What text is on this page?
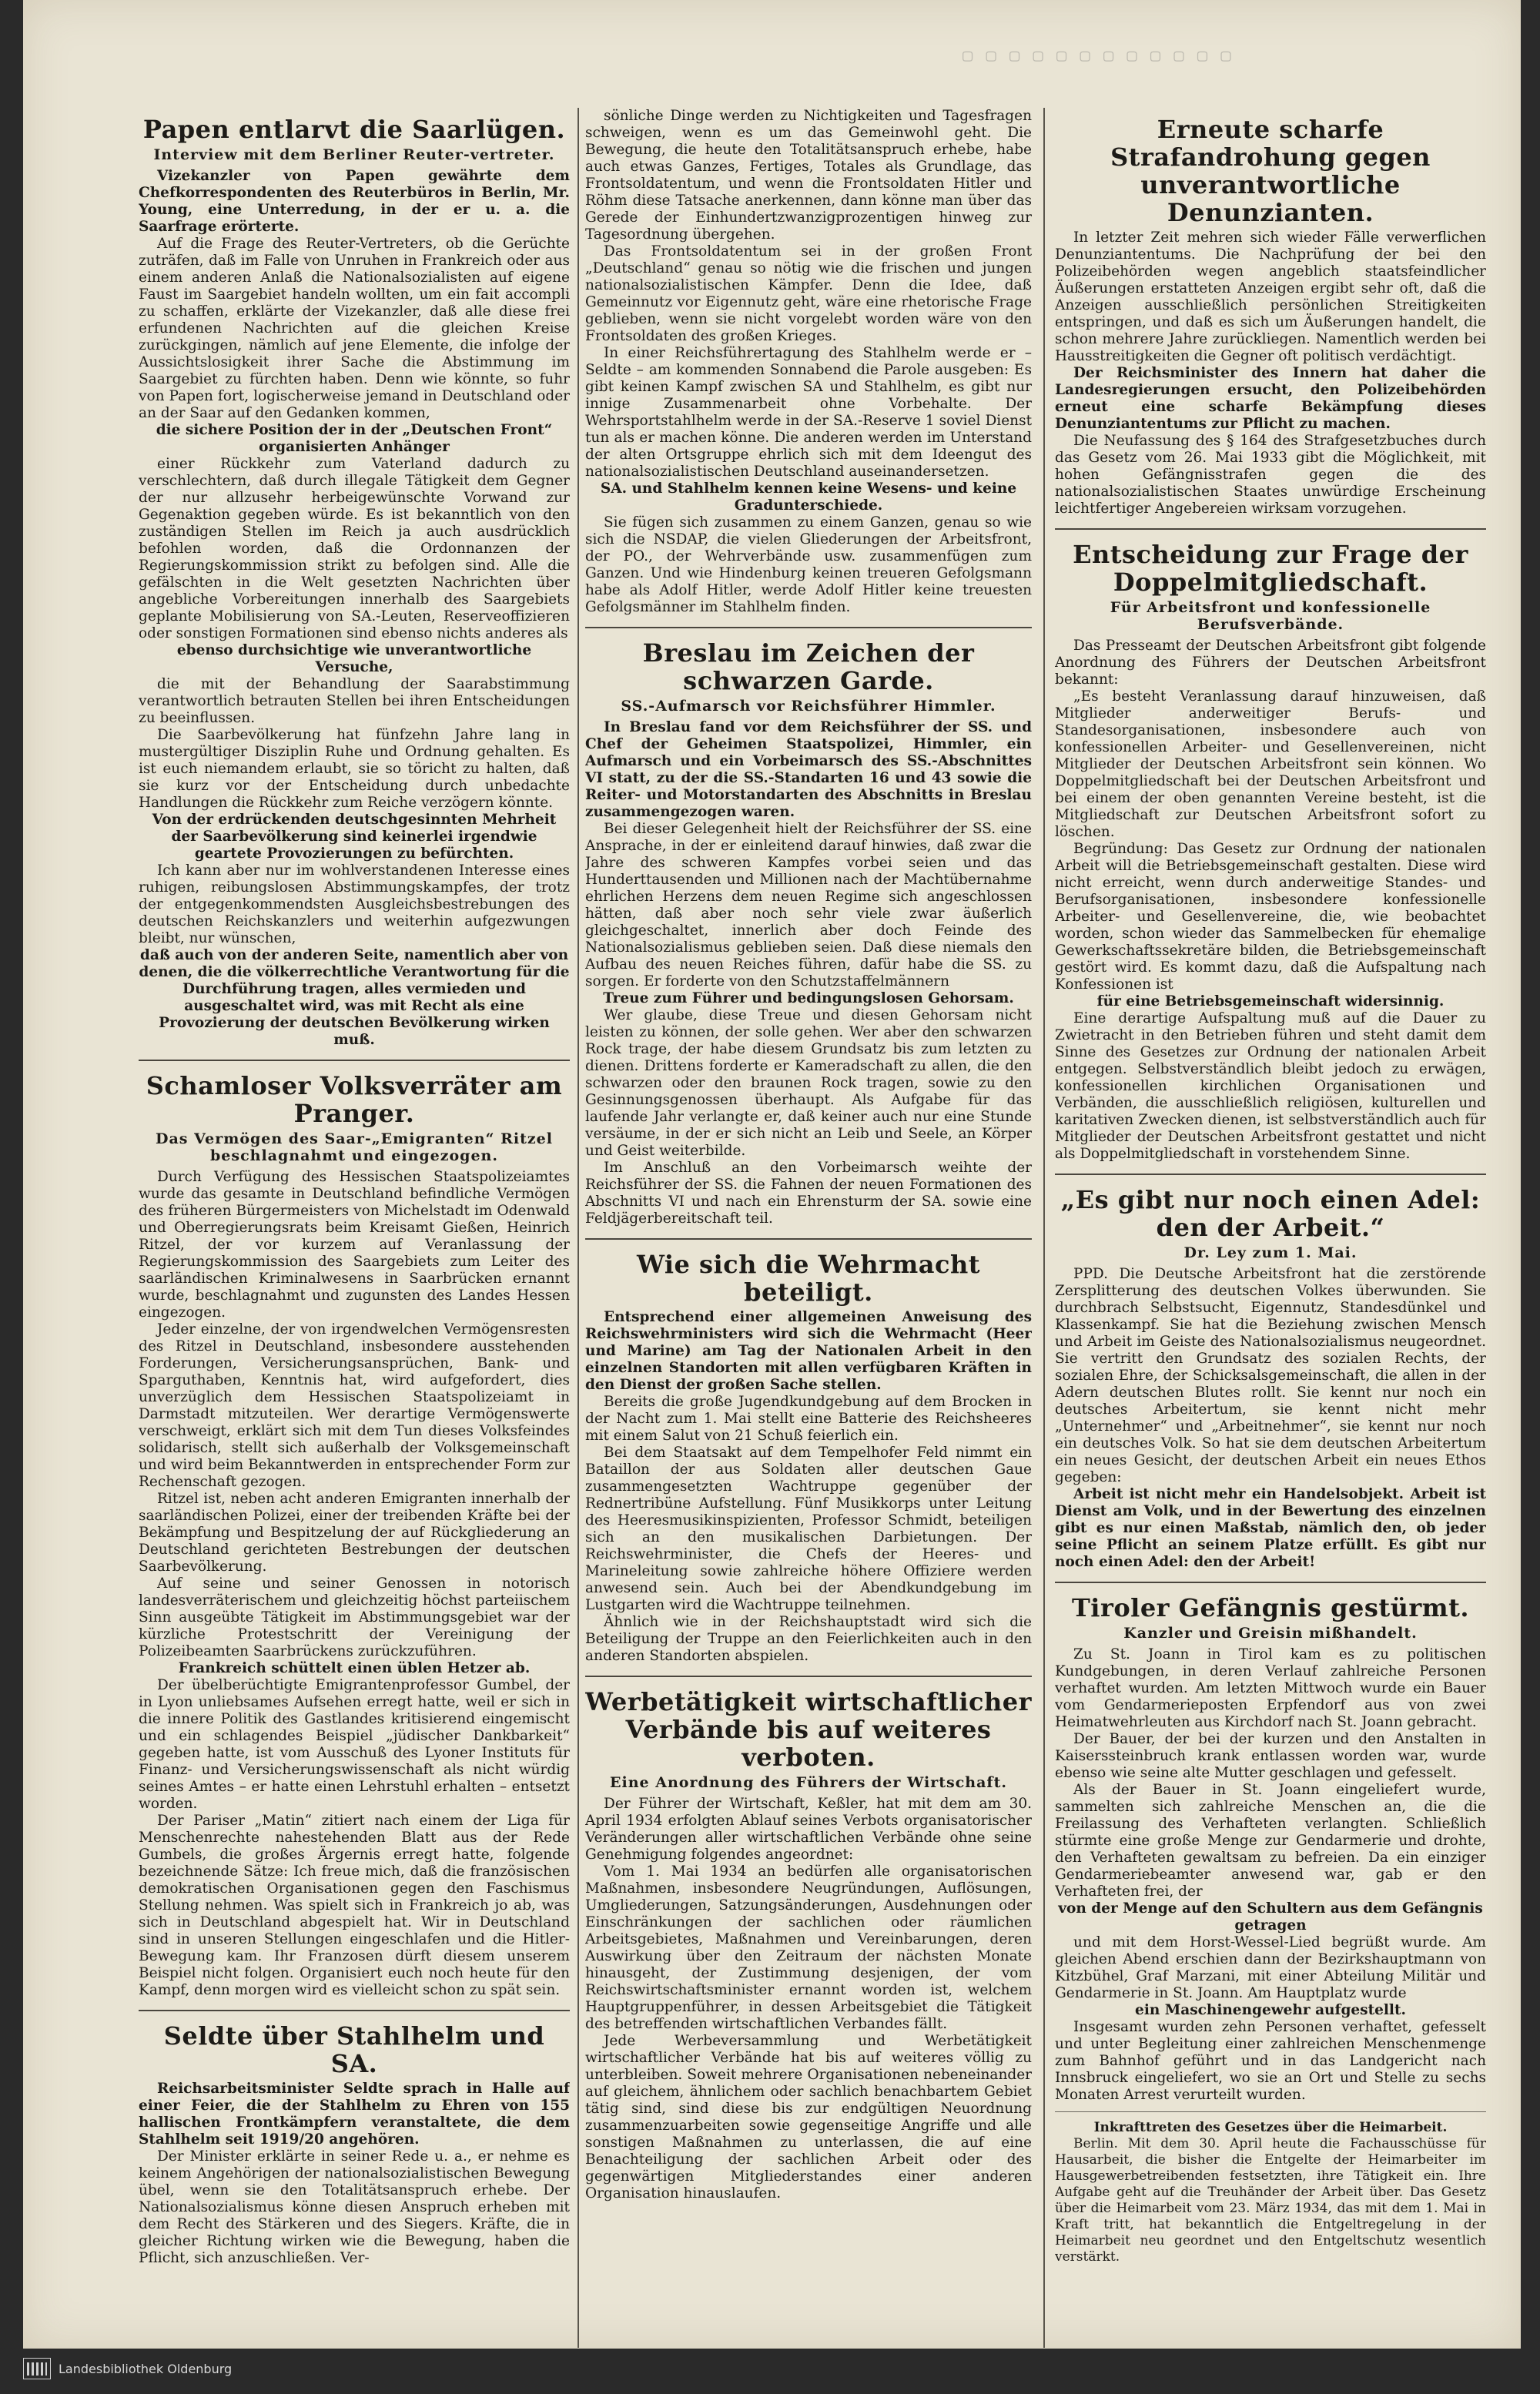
▢ ▢ ▢ ▢ ▢ ▢ ▢ ▢ ▢ ▢ ▢ ▢
Papen entlarvt die Saarlügen.
Interview mit dem Berliner Reuter-vertreter.

Vizekanzler von Papen gewährte dem Chefkorrespondenten des Reuterbüros in Berlin, Mr. Young, eine Unterredung, in der er u. a. die Saarfrage erörterte.

Auf die Frage des Reuter-Vertreters, ob die Gerüchte zuträfen, daß im Falle von Unruhen in Frankreich oder aus einem anderen Anlaß die Nationalsozialisten auf eigene Faust im Saargebiet handeln wollten, um ein fait accompli zu schaffen, erklärte der Vizekanzler, daß alle diese frei erfundenen Nachrichten auf die gleichen Kreise zurückgingen, nämlich auf jene Elemente, die infolge der Aussichtslosigkeit ihrer Sache die Abstimmung im Saargebiet zu fürchten haben. Denn wie könnte, so fuhr von Papen fort, logischerweise jemand in Deutschland oder an der Saar auf den Gedanken kommen,

die sichere Position der in der „Deutschen Front“ organisierten Anhänger

einer Rückkehr zum Vaterland dadurch zu verschlechtern, daß durch illegale Tätigkeit dem Gegner der nur allzusehr herbeigewünschte Vorwand zur Gegenaktion gegeben würde. Es ist bekanntlich von den zuständigen Stellen im Reich ja auch ausdrücklich befohlen worden, daß die Ordonnanzen der Regierungskommission strikt zu befolgen sind. Alle die gefälschten in die Welt gesetzten Nachrichten über angebliche Vorbereitungen innerhalb des Saargebiets geplante Mobilisierung von SA.-Leuten, Reserveoffizieren oder sonstigen Formationen sind ebenso nichts anderes als

ebenso durchsichtige wie unverantwortliche Versuche,

die mit der Behandlung der Saarabstimmung verantwortlich betrauten Stellen bei ihren Entscheidungen zu beeinflussen.

Die Saarbevölkerung hat fünfzehn Jahre lang in mustergültiger Disziplin Ruhe und Ordnung gehalten. Es ist euch niemandem erlaubt, sie so töricht zu halten, daß sie kurz vor der Entscheidung durch unbedachte Handlungen die Rückkehr zum Reiche verzögern könnte.

Von der erdrückenden deutschgesinnten Mehrheit der Saarbevölkerung sind keinerlei irgendwie geartete Provozierungen zu befürchten.

Ich kann aber nur im wohlverstandenen Interesse eines ruhigen, reibungslosen Abstimmungskampfes, der trotz der entgegenkommendsten Ausgleichsbestrebungen des deutschen Reichskanzlers und weiterhin aufgezwungen bleibt, nur wünschen,

daß auch von der anderen Seite, namentlich aber von denen, die die völkerrechtliche Verantwortung für die Durchführung tragen, alles vermieden und ausgeschaltet wird, was mit Recht als eine Provozierung der deutschen Bevölkerung wirken muß.
Schamloser Volksverräter am Pranger.
Das Vermögen des Saar-„Emigranten“ Ritzel beschlagnahmt und eingezogen.

Durch Verfügung des Hessischen Staatspolizeiamtes wurde das gesamte in Deutschland befindliche Vermögen des früheren Bürgermeisters von Michelstadt im Odenwald und Oberregierungsrats beim Kreisamt Gießen, Heinrich Ritzel, der vor kurzem auf Veranlassung der Regierungskommission des Saargebiets zum Leiter des saarländischen Kriminalwesens in Saarbrücken ernannt wurde, beschlagnahmt und zugunsten des Landes Hessen eingezogen.

Jeder einzelne, der von irgendwelchen Vermögensresten des Ritzel in Deutschland, insbesondere ausstehenden Forderungen, Versicherungsansprüchen, Bank- und Sparguthaben, Kenntnis hat, wird aufgefordert, dies unverzüglich dem Hessischen Staatspolizeiamt in Darmstadt mitzuteilen. Wer derartige Vermögenswerte verschweigt, erklärt sich mit dem Tun dieses Volksfeindes solidarisch, stellt sich außerhalb der Volksgemeinschaft und wird beim Bekanntwerden in entsprechender Form zur Rechenschaft gezogen.

Ritzel ist, neben acht anderen Emigranten innerhalb der saarländischen Polizei, einer der treibenden Kräfte bei der Bekämpfung und Bespitzelung der auf Rückgliederung an Deutschland gerichteten Bestrebungen der deutschen Saarbevölkerung.

Auf seine und seiner Genossen in notorisch landesverräterischem und gleichzeitig höchst parteiischem Sinn ausgeübte Tätigkeit im Abstimmungsgebiet war der kürzliche Protestschritt der Vereinigung der Polizeibeamten Saarbrückens zurückzuführen.

Frankreich schüttelt einen üblen Hetzer ab.

Der übelberüchtigte Emigrantenprofessor Gumbel, der in Lyon unliebsames Aufsehen erregt hatte, weil er sich in die innere Politik des Gastlandes kritisierend eingemischt und ein schlagendes Beispiel „jüdischer Dankbarkeit“ gegeben hatte, ist vom Ausschuß des Lyoner Instituts für Finanz- und Versicherungswissenschaft als nicht würdig seines Amtes – er hatte einen Lehrstuhl erhalten – entsetzt worden.

Der Pariser „Matin“ zitiert nach einem der Liga für Menschenrechte nahestehenden Blatt aus der Rede Gumbels, die großes Ärgernis erregt hatte, folgende bezeichnende Sätze: Ich freue mich, daß die französischen demokratischen Organisationen gegen den Faschismus Stellung nehmen. Was spielt sich in Frankreich jo ab, was sich in Deutschland abgespielt hat. Wir in Deutschland sind in unseren Stellungen eingeschlafen und die Hitler-Bewegung kam. Ihr Franzosen dürft diesem unserem Beispiel nicht folgen. Organisiert euch noch heute für den Kampf, denn morgen wird es vielleicht schon zu spät sein.

Seldte über Stahlhelm und SA.

Reichsarbeitsminister Seldte sprach in Halle auf einer Feier, die der Stahlhelm zu Ehren von 155 hallischen Frontkämpfern veranstaltete, die dem Stahlhelm seit 1919/20 angehören.

Der Minister erklärte in seiner Rede u. a., er nehme es keinem Angehörigen der nationalsozialistischen Bewegung übel, wenn sie den Totalitätsanspruch erhebe. Der Nationalsozialismus könne diesen Anspruch erheben mit dem Recht des Stärkeren und des Siegers. Kräfte, die in gleicher Richtung wirken wie die Bewegung, haben die Pflicht, sich anzuschließen. Ver-

sönliche Dinge werden zu Nichtigkeiten und Tagesfragen schweigen, wenn es um das Gemeinwohl geht. Die Bewegung, die heute den Totalitätsanspruch erhebe, habe auch etwas Ganzes, Fertiges, Totales als Grundlage, das Frontsoldatentum, und wenn die Frontsoldaten Hitler und Röhm diese Tatsache anerkennen, dann könne man über das Gerede der Einhundertzwanzigprozentigen hinweg zur Tagesordnung übergehen.

Das Frontsoldatentum sei in der großen Front „Deutschland“ genau so nötig wie die frischen und jungen nationalsozialistischen Kämpfer. Denn die Idee, daß Gemeinnutz vor Eigennutz geht, wäre eine rhetorische Frage geblieben, wenn sie nicht vorgelebt worden wäre von den Frontsoldaten des großen Krieges.

In einer Reichsführertagung des Stahlhelm werde er – Seldte – am kommenden Sonnabend die Parole ausgeben: Es gibt keinen Kampf zwischen SA und Stahlhelm, es gibt nur innige Zusammenarbeit ohne Vorbehalte. Der Wehrsportstahlhelm werde in der SA.-Reserve 1 soviel Dienst tun als er machen könne. Die anderen werden im Unterstand der alten Ortsgruppe ehrlich sich mit dem Ideengut des nationalsozialistischen Deutschland auseinandersetzen.

SA. und Stahlhelm kennen keine Wesens- und keine Gradunterschiede.

Sie fügen sich zusammen zu einem Ganzen, genau so wie sich die NSDAP, die vielen Gliederungen der Arbeitsfront, der PO., der Wehrverbände usw. zusammenfügen zum Ganzen. Und wie Hindenburg keinen treueren Gefolgsmann habe als Adolf Hitler, werde Adolf Hitler keine treuesten Gefolgsmänner im Stahlhelm finden.

Breslau im Zeichen der schwarzen Garde.
SS.-Aufmarsch vor Reichsführer Himmler.

In Breslau fand vor dem Reichsführer der SS. und Chef der Geheimen Staatspolizei, Himmler, ein Aufmarsch und ein Vorbeimarsch des SS.-Abschnittes VI statt, zu der die SS.-Standarten 16 und 43 sowie die Reiter- und Motorstandarten des Abschnitts in Breslau zusammengezogen waren.

Bei dieser Gelegenheit hielt der Reichsführer der SS. eine Ansprache, in der er einleitend darauf hinwies, daß zwar die Jahre des schweren Kampfes vorbei seien und das Hunderttausenden und Millionen nach der Machtübernahme ehrlichen Herzens dem neuen Regime sich angeschlossen hätten, daß aber noch sehr viele zwar äußerlich gleichgeschaltet, innerlich aber doch Feinde des Nationalsozialismus geblieben seien. Daß diese niemals den Aufbau des neuen Reiches führen, dafür habe die SS. zu sorgen. Er forderte von den Schutzstaffelmännern

Treue zum Führer und bedingungslosen Gehorsam.

Wer glaube, diese Treue und diesen Gehorsam nicht leisten zu können, der solle gehen. Wer aber den schwarzen Rock trage, der habe diesem Grundsatz bis zum letzten zu dienen. Drittens forderte er Kameradschaft zu allen, die den schwarzen oder den braunen Rock tragen, sowie zu den Gesinnungsgenossen überhaupt. Als Aufgabe für das laufende Jahr verlangte er, daß keiner auch nur eine Stunde versäume, in der er sich nicht an Leib und Seele, an Körper und Geist weiterbilde.

Im Anschluß an den Vorbeimarsch weihte der Reichsführer der SS. die Fahnen der neuen Formationen des Abschnitts VI und nach ein Ehrensturm der SA. sowie eine Feldjägerbereitschaft teil.

Wie sich die Wehrmacht beteiligt.

Entsprechend einer allgemeinen Anweisung des Reichswehrministers wird sich die Wehrmacht (Heer und Marine) am Tag der Nationalen Arbeit in den einzelnen Standorten mit allen verfügbaren Kräften in den Dienst der großen Sache stellen.

Bereits die große Jugendkundgebung auf dem Brocken in der Nacht zum 1. Mai stellt eine Batterie des Reichsheeres mit einem Salut von 21 Schuß feierlich ein.

Bei dem Staatsakt auf dem Tempelhofer Feld nimmt ein Bataillon der aus Soldaten aller deutschen Gaue zusammengesetzten Wachtruppe gegenüber der Rednertribüne Aufstellung. Fünf Musikkorps unter Leitung des Heeresmusikinspizienten, Professor Schmidt, beteiligen sich an den musikalischen Darbietungen. Der Reichswehrminister, die Chefs der Heeres- und Marineleitung sowie zahlreiche höhere Offiziere werden anwesend sein. Auch bei der Abendkundgebung im Lustgarten wird die Wachtruppe teilnehmen.

Ähnlich wie in der Reichshauptstadt wird sich die Beteiligung der Truppe an den Feierlichkeiten auch in den anderen Standorten abspielen.

Werbetätigkeit wirtschaftlicher Verbände bis auf weiteres verboten.
Eine Anordnung des Führers der Wirtschaft.

Der Führer der Wirtschaft, Keßler, hat mit dem am 30. April 1934 erfolgten Ablauf seines Verbots organisatorischer Veränderungen aller wirtschaftlichen Verbände ohne seine Genehmigung folgendes angeordnet:

Vom 1. Mai 1934 an bedürfen alle organisatorischen Maßnahmen, insbesondere Neugründungen, Auflösungen, Umgliederungen, Satzungsänderungen, Ausdehnungen oder Einschränkungen der sachlichen oder räumlichen Arbeitsgebietes, Maßnahmen und Vereinbarungen, deren Auswirkung über den Zeitraum der nächsten Monate hinausgeht, der Zustimmung desjenigen, der vom Reichswirtschaftsminister ernannt worden ist, welchem Hauptgruppenführer, in dessen Arbeitsgebiet die Tätigkeit des betreffenden wirtschaftlichen Verbandes fällt.

Jede Werbeversammlung und Werbetätigkeit wirtschaftlicher Verbände hat bis auf weiteres völlig zu unterbleiben. Soweit mehrere Organisationen nebeneinander auf gleichem, ähnlichem oder sachlich benachbartem Gebiet tätig sind, sind diese bis zur endgültigen Neuordnung zusammenzuarbeiten sowie gegenseitige Angriffe und alle sonstigen Maßnahmen zu unterlassen, die auf eine Benachteiligung der sachlichen Arbeit oder des gegenwärtigen Mitgliederstandes einer anderen Organisation hinauslaufen.

Erneute scharfe Strafandrohung gegen unverantwortliche Denunzianten.

In letzter Zeit mehren sich wieder Fälle verwerflichen Denunziantentums. Die Nachprüfung der bei den Polizeibehörden wegen angeblich staatsfeindlicher Äußerungen erstatteten Anzeigen ergibt sehr oft, daß die Anzeigen ausschließlich persönlichen Streitigkeiten entspringen, und daß es sich um Äußerungen handelt, die schon mehrere Jahre zurückliegen. Namentlich werden bei Hausstreitigkeiten die Gegner oft politisch verdächtigt.

Der Reichsminister des Innern hat daher die Landesregierungen ersucht, den Polizeibehörden erneut eine scharfe Bekämpfung dieses Denunziantentums zur Pflicht zu machen.

Die Neufassung des § 164 des Strafgesetzbuches durch das Gesetz vom 26. Mai 1933 gibt die Möglichkeit, mit hohen Gefängnisstrafen gegen die des nationalsozialistischen Staates unwürdige Erscheinung leichtfertiger Angebereien wirksam vorzugehen.

Entscheidung zur Frage der Doppelmitgliedschaft.
Für Arbeitsfront und konfessionelle Berufsverbände.

Das Presseamt der Deutschen Arbeitsfront gibt folgende Anordnung des Führers der Deutschen Arbeitsfront bekannt:

„Es besteht Veranlassung darauf hinzuweisen, daß Mitglieder anderweitiger Berufs- und Standesorganisationen, insbesondere auch von konfessionellen Arbeiter- und Gesellenvereinen, nicht Mitglieder der Deutschen Arbeitsfront sein können. Wo Doppelmitgliedschaft bei der Deutschen Arbeitsfront und bei einem der oben genannten Vereine besteht, ist die Mitgliedschaft zur Deutschen Arbeitsfront sofort zu löschen.

Begründung: Das Gesetz zur Ordnung der nationalen Arbeit will die Betriebsgemeinschaft gestalten. Diese wird nicht erreicht, wenn durch anderweitige Standes- und Berufsorganisationen, insbesondere konfessionelle Arbeiter- und Gesellenvereine, die, wie beobachtet worden, schon wieder das Sammelbecken für ehemalige Gewerkschaftssekretäre bilden, die Betriebsgemeinschaft gestört wird. Es kommt dazu, daß die Aufspaltung nach Konfessionen ist

für eine Betriebsgemeinschaft widersinnig.

Eine derartige Aufspaltung muß auf die Dauer zu Zwietracht in den Betrieben führen und steht damit dem Sinne des Gesetzes zur Ordnung der nationalen Arbeit entgegen. Selbstverständlich bleibt jedoch zu erwägen, konfessionellen kirchlichen Organisationen und Verbänden, die ausschließlich religiösen, kulturellen und karitativen Zwecken dienen, ist selbstverständlich auch für Mitglieder der Deutschen Arbeitsfront gestattet und nicht als Doppelmitgliedschaft in vorstehendem Sinne.

„Es gibt nur noch einen Adel: den der Arbeit.“
Dr. Ley zum 1. Mai.

PPD. Die Deutsche Arbeitsfront hat die zerstörende Zersplitterung des deutschen Volkes überwunden. Sie durchbrach Selbstsucht, Eigennutz, Standesdünkel und Klassenkampf. Sie hat die Beziehung zwischen Mensch und Arbeit im Geiste des Nationalsozialismus neugeordnet. Sie vertritt den Grundsatz des sozialen Rechts, der sozialen Ehre, der Schicksalsgemeinschaft, die allen in der Adern deutschen Blutes rollt. Sie kennt nur noch ein deutsches Arbeitertum, sie kennt nicht mehr „Unternehmer“ und „Arbeitnehmer“, sie kennt nur noch ein deutsches Volk. So hat sie dem deutschen Arbeitertum ein neues Gesicht, der deutschen Arbeit ein neues Ethos gegeben:

Arbeit ist nicht mehr ein Handelsobjekt. Arbeit ist Dienst am Volk, und in der Bewertung des einzelnen gibt es nur einen Maßstab, nämlich den, ob jeder seine Pflicht an seinem Platze erfüllt. Es gibt nur noch einen Adel: den der Arbeit!

Tiroler Gefängnis gestürmt.
Kanzler und Greisin mißhandelt.

Zu St. Joann in Tirol kam es zu politischen Kundgebungen, in deren Verlauf zahlreiche Personen verhaftet wurden. Am letzten Mittwoch wurde ein Bauer vom Gendarmerieposten Erpfendorf aus von zwei Heimatwehrleuten aus Kirchdorf nach St. Joann gebracht.

Der Bauer, der bei der kurzen und den Anstalten in Kaiserssteinbruch krank entlassen worden war, wurde ebenso wie seine alte Mutter geschlagen und gefesselt.

Als der Bauer in St. Joann eingeliefert wurde, sammelten sich zahlreiche Menschen an, die die Freilassung des Verhafteten verlangten. Schließlich stürmte eine große Menge zur Gendarmerie und drohte, den Verhafteten gewaltsam zu befreien. Da ein einziger Gendarmeriebeamter anwesend war, gab er den Verhafteten frei, der

von der Menge auf den Schultern aus dem Gefängnis getragen

und mit dem Horst-Wessel-Lied begrüßt wurde. Am gleichen Abend erschien dann der Bezirkshauptmann von Kitzbühel, Graf Marzani, mit einer Abteilung Militär und Gendarmerie in St. Joann. Am Hauptplatz wurde

ein Maschinengewehr aufgestellt.

Insgesamt wurden zehn Personen verhaftet, gefesselt und unter Begleitung einer zahlreichen Menschenmenge zum Bahnhof geführt und in das Landgericht nach Innsbruck eingeliefert, wo sie an Ort und Stelle zu sechs Monaten Arrest verurteilt wurden.

Inkrafttreten des Gesetzes über die Heimarbeit.

Berlin. Mit dem 30. April heute die Fachausschüsse für Hausarbeit, die bisher die Entgelte der Heimarbeiter im Hausgewerbetreibenden festsetzten, ihre Tätigkeit ein. Ihre Aufgabe geht auf die Treuhänder der Arbeit über. Das Gesetz über die Heimarbeit vom 23. März 1934, das mit dem 1. Mai in Kraft tritt, hat bekanntlich die Entgeltregelung in der Heimarbeit neu geordnet und den Entgeltschutz wesentlich verstärkt.

Landesbibliothek Oldenburg
